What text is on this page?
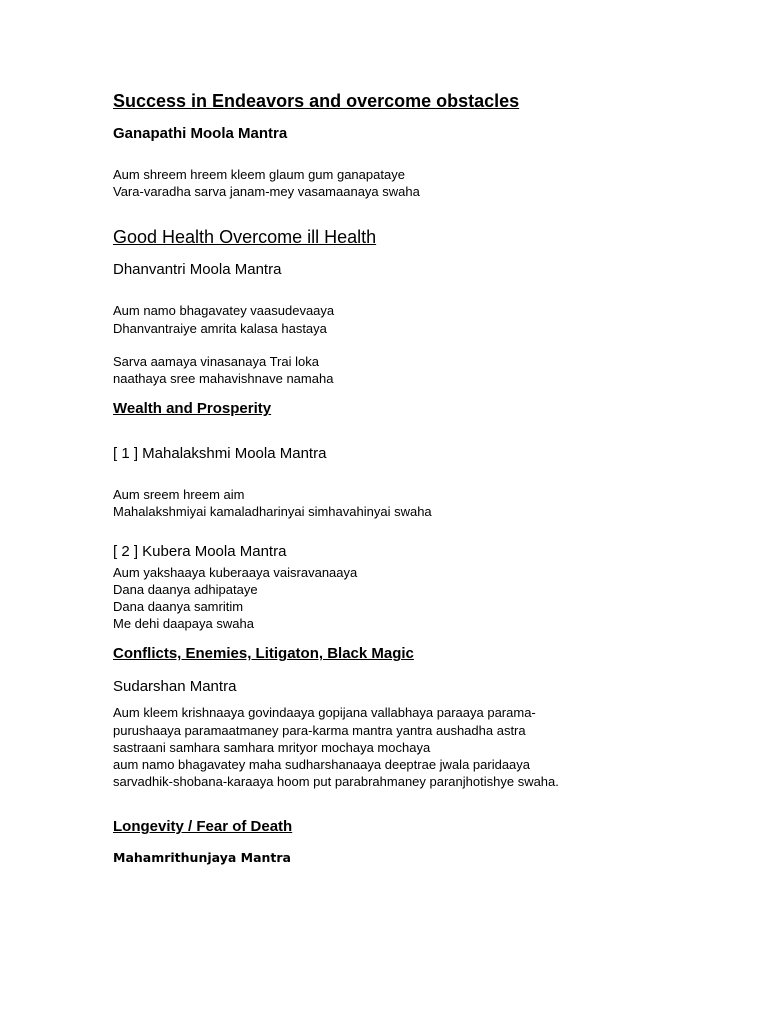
Success in Endeavors and overcome obstacles
Ganapathi Moola Mantra
Aum shreem hreem kleem glaum gum ganapataye
Vara-varadha sarva janam-mey vasamaanaya swaha
Good Health Overcome ill Health
Dhanvantri Moola Mantra
Aum namo bhagavatey vaasudevaaya
Dhanvantraiye amrita kalasa hastaya
Sarva aamaya vinasanaya Trai loka
naathaya sree mahavishnave namaha
Wealth and Prosperity
[ 1 ] Mahalakshmi Moola Mantra
Aum sreem hreem aim
Mahalakshmiyai kamaladharinyai simhavahinyai swaha
[ 2 ] Kubera Moola Mantra
Aum yakshaaya kuberaaya vaisravanaaya
Dana daanya adhipataye
Dana daanya samritim
Me dehi daapaya swaha
Conflicts, Enemies, Litigaton, Black Magic
Sudarshan Mantra
Aum kleem krishnaaya govindaaya gopijana vallabhaya paraaya parama-
purushaaya paramaatmaney para-karma mantra yantra aushadha astra
sastraani samhara samhara mrityor mochaya mochaya
aum namo bhagavatey maha sudharshanaaya deeptrae jwala paridaaya
sarvadhik-shobana-karaaya hoom put parabrahmaney paranjhotishye swaha.
Longevity / Fear of Death
Mahamrithunjaya Mantra
